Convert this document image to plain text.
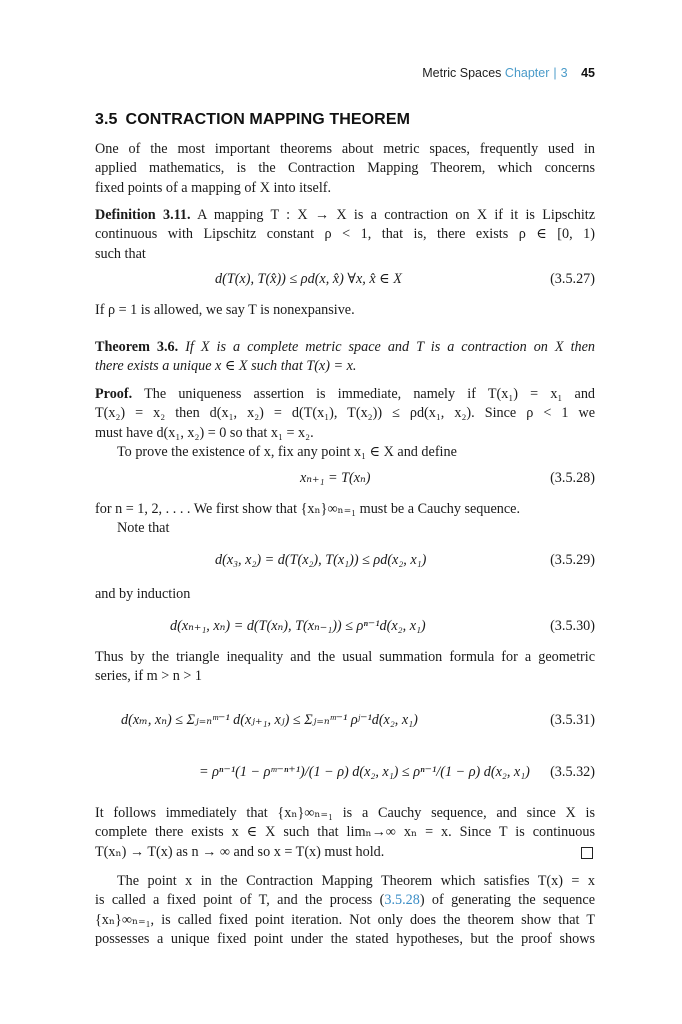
Metric Spaces Chapter | 3 45
3.5 CONTRACTION MAPPING THEOREM
One of the most important theorems about metric spaces, frequently used in
applied mathematics, is the Contraction Mapping Theorem, which concerns
fixed points of a mapping of X into itself.
Definition 3.11. A mapping T : X → X is a contraction on X if it is Lipschitz
continuous with Lipschitz constant ρ < 1, that is, there exists ρ ∈ [0, 1)
such that
d(T(x), T(x̂)) ≤ ρd(x, x̂) ∀x, x̂ ∈ X	(3.5.27)
If ρ = 1 is allowed, we say T is nonexpansive.
Theorem 3.6. If X is a complete metric space and T is a contraction on X then
there exists a unique x ∈ X such that T(x) = x.
Proof. The uniqueness assertion is immediate, namely if T(x₁) = x₁ and
T(x₂) = x₂ then d(x₁, x₂) = d(T(x₁), T(x₂)) ≤ ρd(x₁, x₂). Since ρ < 1 we
must have d(x₁, x₂) = 0 so that x₁ = x₂.
To prove the existence of x, fix any point x₁ ∈ X and define
xₙ₊₁ = T(xₙ)	(3.5.28)
for n = 1, 2, . . . . We first show that {xₙ}∞ₙ₌₁ must be a Cauchy sequence.
Note that
d(x₃, x₂) = d(T(x₂), T(x₁)) ≤ ρd(x₂, x₁)	(3.5.29)
and by induction
d(xₙ₊₁, xₙ) = d(T(xₙ), T(xₙ₋₁)) ≤ ρⁿ⁻¹d(x₂, x₁)	(3.5.30)
Thus by the triangle inequality and the usual summation formula for a geometric
series, if m > n > 1
d(xₘ, xₙ) ≤ Σⱼ₌ₙᵐ⁻¹ d(xⱼ₊₁, xⱼ) ≤ Σⱼ₌ₙᵐ⁻¹ ρʲ⁻¹d(x₂, x₁)	(3.5.31)
= ρⁿ⁻¹(1 − ρᵐ⁻ⁿ⁺¹)/(1 − ρ) d(x₂, x₁) ≤ ρⁿ⁻¹/(1 − ρ) d(x₂, x₁) (3.5.32)
It follows immediately that {xₙ}∞ₙ₌₁ is a Cauchy sequence, and since X is
complete there exists x ∈ X such that limₙ→∞ xₙ = x. Since T is continuous
T(xₙ) → T(x) as n → ∞ and so x = T(x) must hold.
The point x in the Contraction Mapping Theorem which satisfies T(x) = x
is called a fixed point of T, and the process (3.5.28) of generating the sequence
{xₙ}∞ₙ₌₁, is called fixed point iteration. Not only does the theorem show that T
possesses a unique fixed point under the stated hypotheses, but the proof shows
